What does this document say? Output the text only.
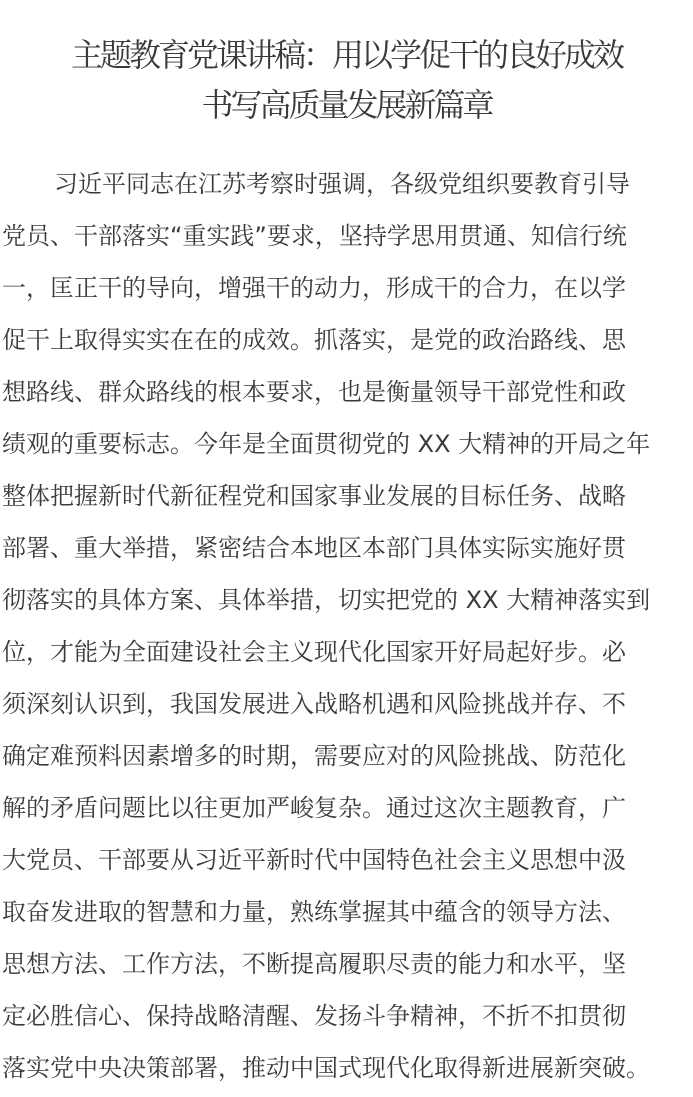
主题教育党课讲稿：用以学促干的良好成效
书写高质量发展新篇章
习近平同志在江苏考察时强调，各级党组织要教育引导
党员、干部落实“重实践”要求，坚持学思用贯通、知信行统
一，匡正干的导向，增强干的动力，形成干的合力，在以学
促干上取得实实在在的成效。抓落实，是党的政治路线、思
想路线、群众路线的根本要求，也是衡量领导干部党性和政
绩观的重要标志。今年是全面贯彻党的 XX 大精神的开局之年
整体把握新时代新征程党和国家事业发展的目标任务、战略
部署、重大举措，紧密结合本地区本部门具体实际实施好贯
彻落实的具体方案、具体举措，切实把党的 XX 大精神落实到
位，才能为全面建设社会主义现代化国家开好局起好步。必
须深刻认识到，我国发展进入战略机遇和风险挑战并存、不
确定难预料因素增多的时期，需要应对的风险挑战、防范化
解的矛盾问题比以往更加严峻复杂。通过这次主题教育，广
大党员、干部要从习近平新时代中国特色社会主义思想中汲
取奋发进取的智慧和力量，熟练掌握其中蕴含的领导方法、
思想方法、工作方法，不断提高履职尽责的能力和水平，坚
定必胜信心、保持战略清醒、发扬斗争精神，不折不扣贯彻
落实党中央决策部署，推动中国式现代化取得新进展新突破。
